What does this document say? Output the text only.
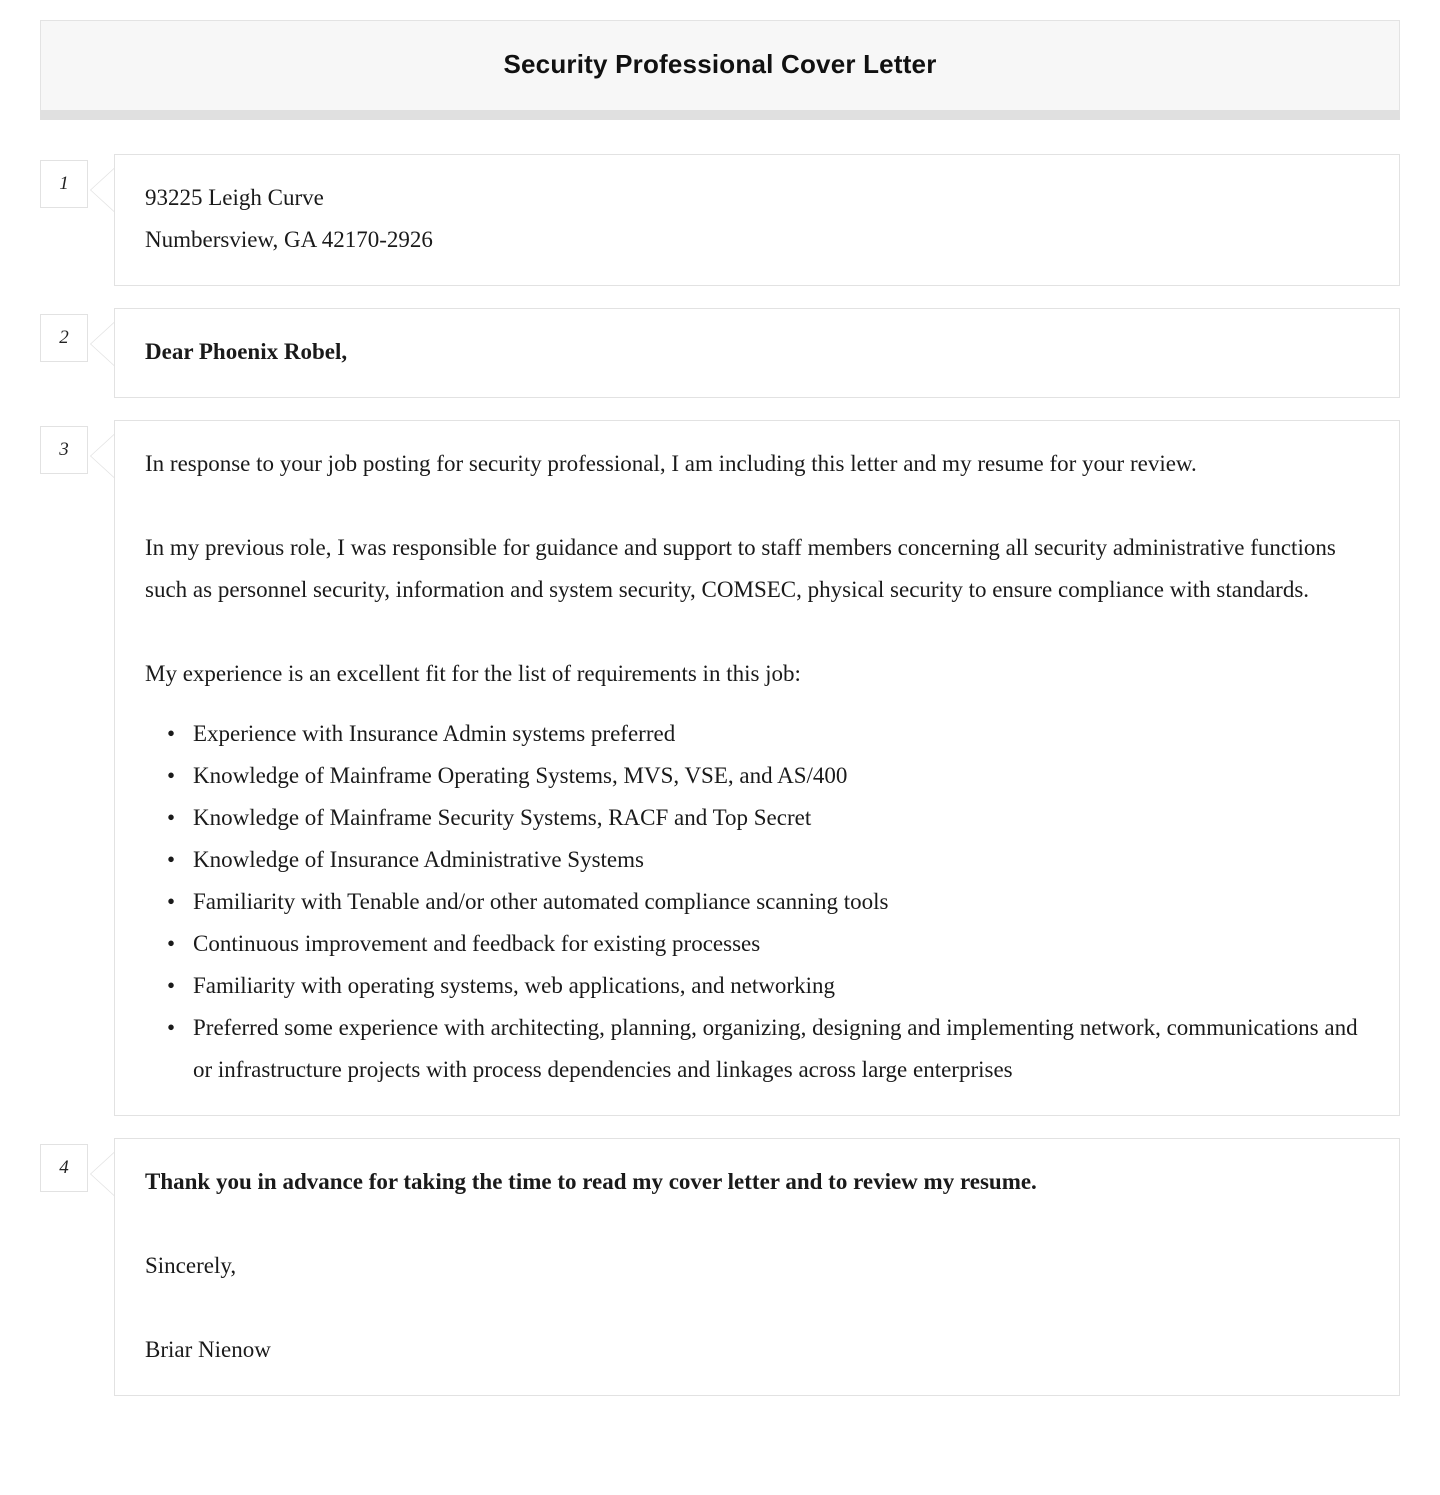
Security Professional Cover Letter
1

93225 Leigh Curve

Numbersview, GA 42170-2926

2

Dear Phoenix Robel,

3

In response to your job posting for security professional, I am including this letter and my resume for your review.

In my previous role, I was responsible for guidance and support to staff members concerning all security administrative functions such as personnel security, information and system security, COMSEC, physical security to ensure compliance with standards.

My experience is an excellent fit for the list of requirements in this job:

• Experience with Insurance Admin systems preferred
• Knowledge of Mainframe Operating Systems, MVS, VSE, and AS/400
• Knowledge of Mainframe Security Systems, RACF and Top Secret
• Knowledge of Insurance Administrative Systems
• Familiarity with Tenable and/or other automated compliance scanning tools
• Continuous improvement and feedback for existing processes
• Familiarity with operating systems, web applications, and networking
• Preferred some experience with architecting, planning, organizing, designing and implementing network, communications and or infrastructure projects with process dependencies and linkages across large enterprises
4

Thank you in advance for taking the time to read my cover letter and to review my resume.

Sincerely,

Briar Nienow
